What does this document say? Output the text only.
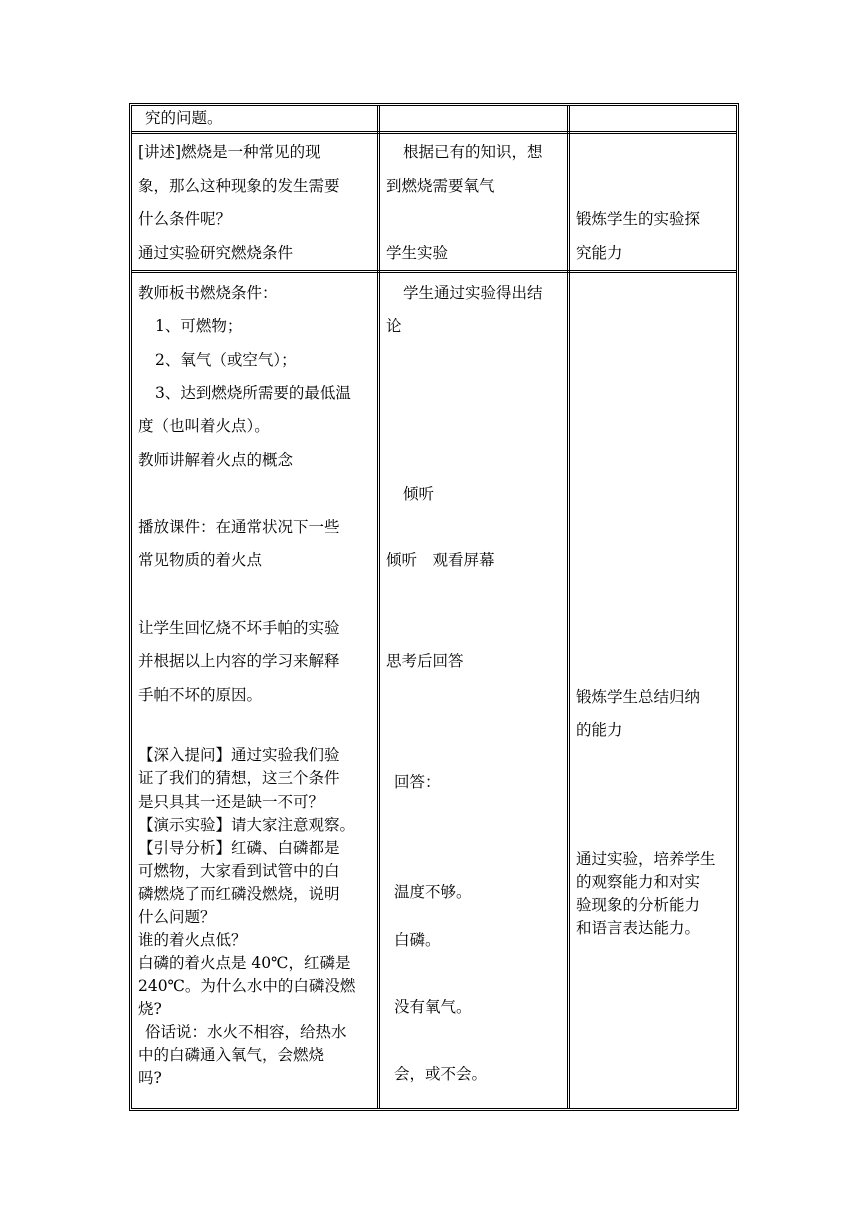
究的问题。
[讲述]燃烧是一种常见的现
象，那么这种现象的发生需要
什么条件呢？
通过实验研究燃烧条件
根据已有的知识，想
到燃烧需要氧气
学生实验
锻炼学生的实验探
究能力
教师板书燃烧条件：
1、可燃物；
2、氧气（或空气）；
3、达到燃烧所需要的最低温
度（也叫着火点）。
教师讲解着火点的概念
播放课件：在通常状况下一些
常见物质的着火点
让学生回忆烧不坏手帕的实验
并根据以上内容的学习来解释
手帕不坏的原因。
【深入提问】通过实验我们验
证了我们的猜想，这三个条件
是只具其一还是缺一不可？
【演示实验】请大家注意观察。
【引导分析】红磷、白磷都是
可燃物，大家看到试管中的白
磷燃烧了而红磷没燃烧，说明
什么问题？
谁的着火点低？
白磷的着火点是 40℃，红磷是
240℃。为什么水中的白磷没燃
烧?
俗话说：水火不相容，给热水
中的白磷通入氧气，会燃烧
吗?
学生通过实验得出结
论
倾听
倾听　观看屏幕
思考后回答
回答：
温度不够。
白磷。
没有氧气。
会，或不会。
锻炼学生总结归纳
的能力
通过实验，培养学生
的观察能力和对实
验现象的分析能力
和语言表达能力。
